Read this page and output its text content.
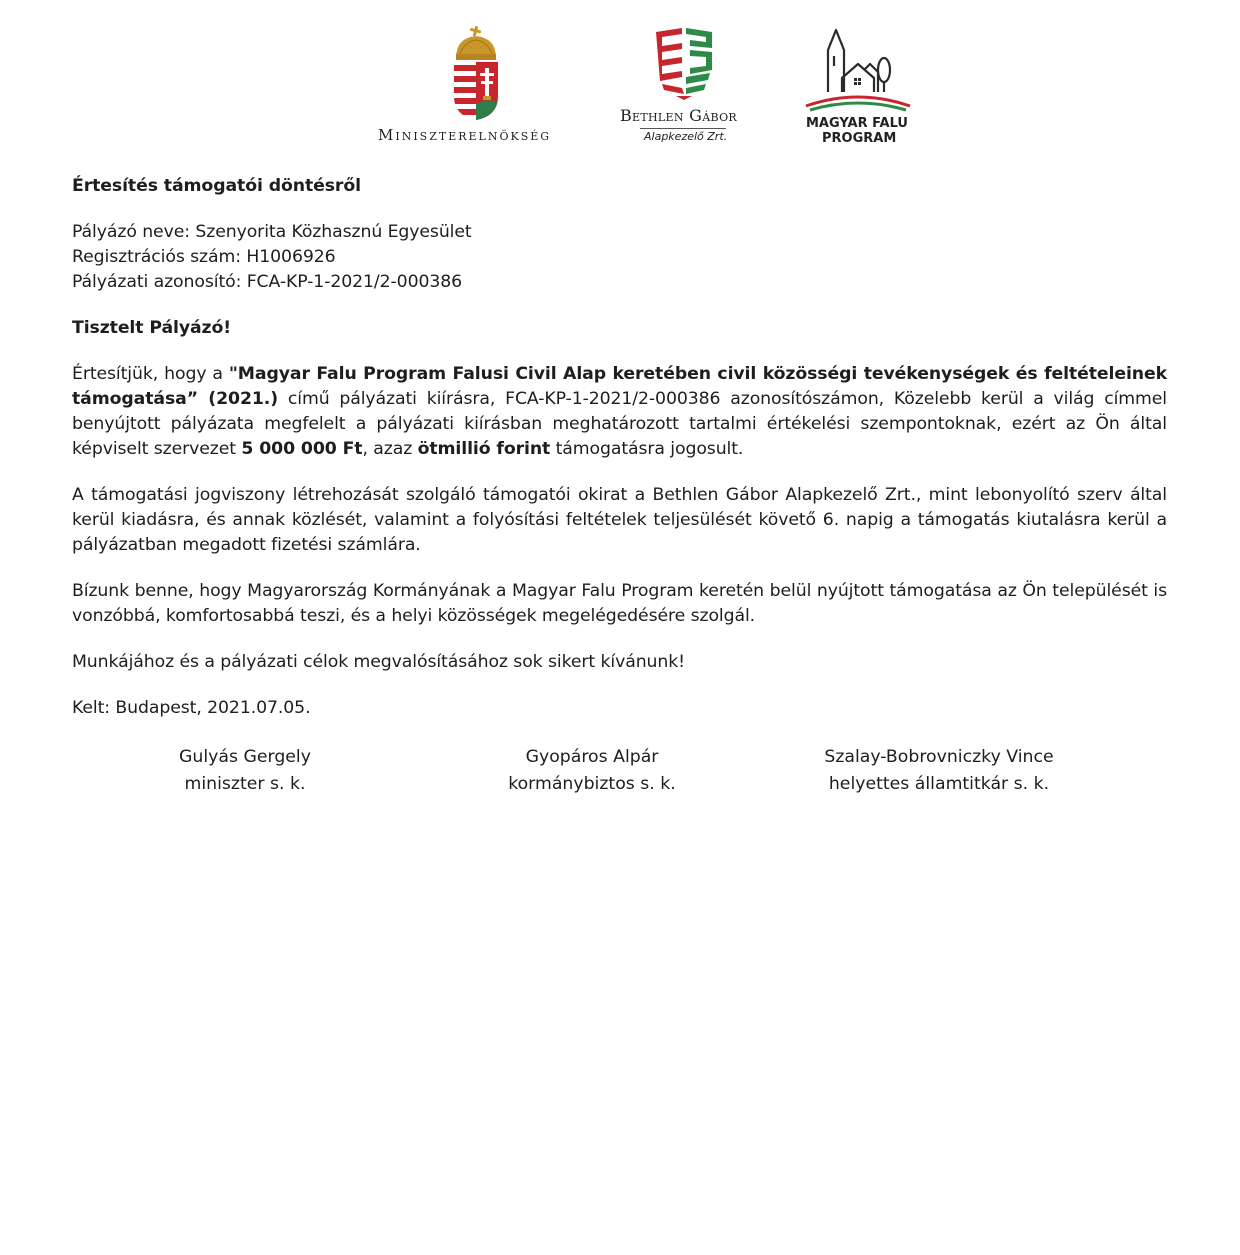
Miniszterelnökség
Bethlen Gábor
Alapkezelő Zrt.
MAGYAR FALU
PROGRAM

Értesítés támogatói döntésről

Pályázó neve: Szenyorita Közhasznú Egyesület

Regisztrációs szám: H1006926

Pályázati azonosító: FCA-KP-1-2021/2-000386

Tisztelt Pályázó!

Értesítjük, hogy a "Magyar Falu Program Falusi Civil Alap keretében civil közösségi tevékenységek és feltételeinek támogatása” (2021.) című pályázati kiírásra, FCA-KP-1-2021/2-000386 azonosítószámon, Közelebb kerül a világ címmel benyújtott pályázata megfelelt a pályázati kiírásban meghatározott tartalmi értékelési szempontoknak, ezért az Ön által képviselt szervezet 5 000 000 Ft, azaz ötmillió forint támogatásra jogosult.

A támogatási jogviszony létrehozását szolgáló támogatói okirat a Bethlen Gábor Alapkezelő Zrt., mint lebonyolító szerv által kerül kiadásra, és annak közlését, valamint a folyósítási feltételek teljesülését követő 6. napig a támogatás kiutalásra kerül a pályázatban megadott fizetési számlára.

Bízunk benne, hogy Magyarország Kormányának a Magyar Falu Program keretén belül nyújtott támogatása az Ön települését is vonzóbbá, komfortosabbá teszi, és a helyi közösségek megelégedésére szolgál.

Munkájához és a pályázati célok megvalósításához sok sikert kívánunk!

Kelt: Budapest, 2021.07.05.

Gulyás Gergely
miniszter s. k.
Gyopáros Alpár
kormánybiztos s. k.
Szalay-Bobrovniczky Vince
helyettes államtitkár s. k.
